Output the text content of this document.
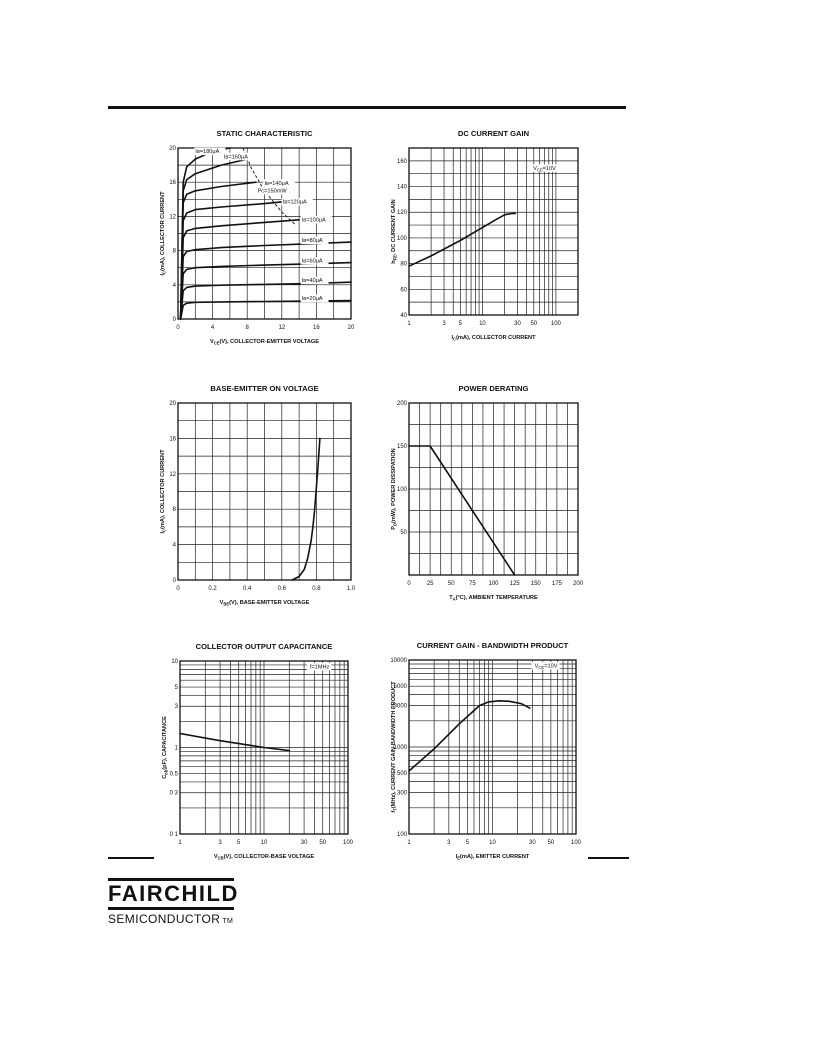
STATIC CHARACTERISTIC
0	4	8	12	16	20
0
4
8
12
16
20
$V_{CE}(V)$, COLLECTOR-EMITTER VOLTAGE
$I_C(mA)$, COLLECTOR CURRENT
Iʙ=180μA
Iʙ=160μA
Iʙ=140μA
Pᴄ=150mW
Iʙ=120μA
Iʙ=100μA
Iʙ=80μA
Iʙ=60μA
Iʙ=40μA
Iʙ=20μA
DC CURRENT GAIN
1	3 5	10	30 50 100
40
60
80
100
120
140
160
$I_C(mA)$, COLLECTOR CURRENT
$h_{FE}$, DC CURRENT GAIN
$V_{CE}=10V$
BASE-EMITTER ON VOLTAGE
0	0.2	0.4	0.6	0.8	1.0
0
4
8
12
16
20
$V_{BE}(V)$, BASE-EMITTER VOLTAGE
$I_C(mA)$, COLLECTOR CURRENT
POWER DERATING
0	25 50 75 100 125 150 175 200
50
100
150
200
$T_A(^\circ C)$, AMBIENT TEMPERATURE
$P_D(mW)$, POWER DISSIPATION
COLLECTOR OUTPUT CAPACITANCE
1	3	5	10	30 50	100
0 1
0 3
0.5
1
3
5
10
$V_{CB}(V)$, COLLECTOR-BASE VOLTAGE
$C_{ob}(pF)$, CAPACITANCE
f=1MHz
CURRENT GAIN - BANDWIDTH PRODUCT
1	3	5	10	30 50	100
100
300
500
1000
3000
5000
10000
$I_E(mA)$, EMITTER CURRENT
$f_T(MHz)$, CURRENT GAIN-BANDWIDTH PRODUCT
$V_{CE}=10V$
FAIRCHILD
SEMICONDUCTOR TM
